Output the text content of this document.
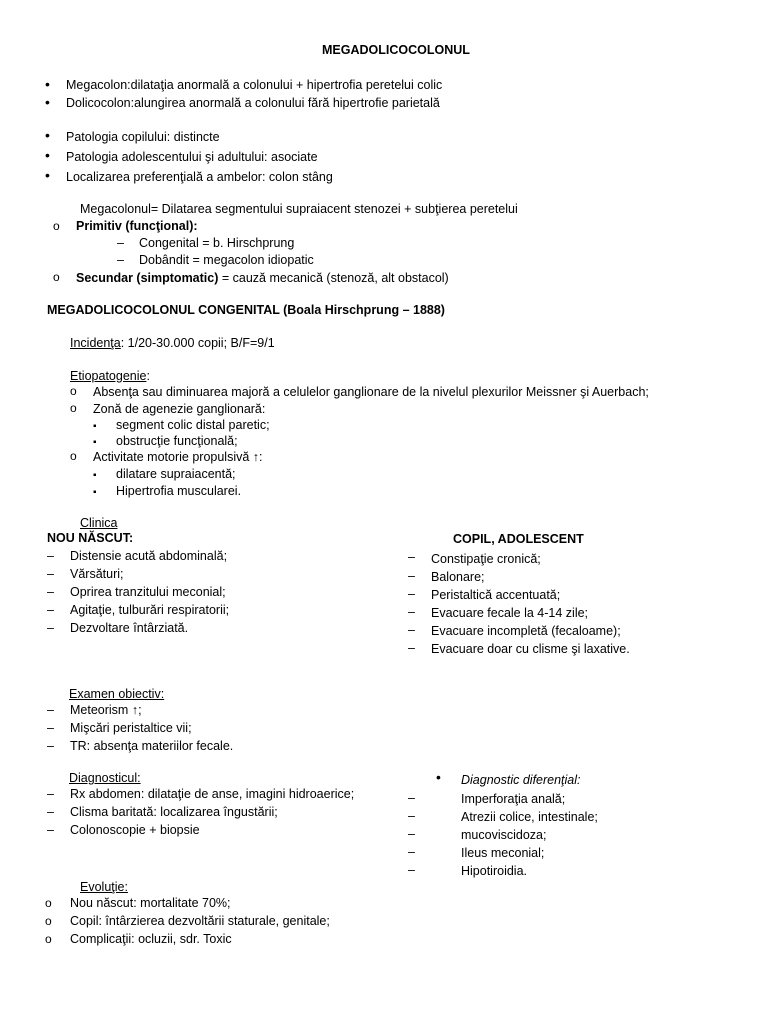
MEGADOLICOCOLONUL
•
Megacolon:dilataţia anormală a colonului + hipertrofia peretelui colic
•
Dolicocolon:alungirea anormală a colonului fără hipertrofie parietală
•
Patologia copilului: distincte
•
Patologia adolescentului şi adultului: asociate
•
Localizarea preferenţială a ambelor: colon stâng
Megacolonul= Dilatarea segmentului supraiacent stenozei + subţierea peretelui
o
Primitiv (funcţional):
–
Congenital = b. Hirschprung
–
Dobândit = megacolon idiopatic
o
Secundar (simptomatic) = cauză mecanică (stenoză, alt obstacol)
MEGADOLICOCOLONUL CONGENITAL (Boala Hirschprung – 1888)
Incidenţa: 1/20-30.000 copii; B/F=9/1
Etiopatogenie:
o
Absenţa sau diminuarea majoră a celulelor ganglionare de la nivelul plexurilor Meissner şi Auerbach;
o
Zonă de agenezie ganglionară:
▪
segment colic distal paretic;
▪
obstrucţie funcţională;
o
Activitate motorie propulsivă ↑:
▪
dilatare supraiacentă;
▪
Hipertrofia muscularei.
Clinica
NOU NĂSCUT:
–
Distensie acută abdominală;
–
Vărsături;
–
Oprirea tranzitului meconial;
–
Agitaţie, tulburări respiratorii;
–
Dezvoltare întârziată.
COPIL, ADOLESCENT
–
Constipaţie cronică;
–
Balonare;
–
Peristaltică accentuată;
–
Evacuare fecale la 4-14 zile;
–
Evacuare incompletă (fecaloame);
–
Evacuare doar cu clisme şi laxative.
Examen obiectiv:
–
Meteorism ↑;
–
Mişcări peristaltice vii;
–
TR: absenţa materiilor fecale.
Diagnosticul:
–
Rx abdomen: dilataţie de anse, imagini hidroaerice;
–
Clisma baritată: localizarea îngustării;
–
Colonoscopie + biopsie
•
Diagnostic diferenţial:
–
Imperforaţia anală;
–
Atrezii colice, intestinale;
–
mucoviscidoza;
–
Ileus meconial;
–
Hipotiroidia.
Evoluţie:
o
Nou născut: mortalitate 70%;
o
Copil: întârzierea dezvoltării staturale, genitale;
o
Complicaţii: ocluzii, sdr. Toxic
